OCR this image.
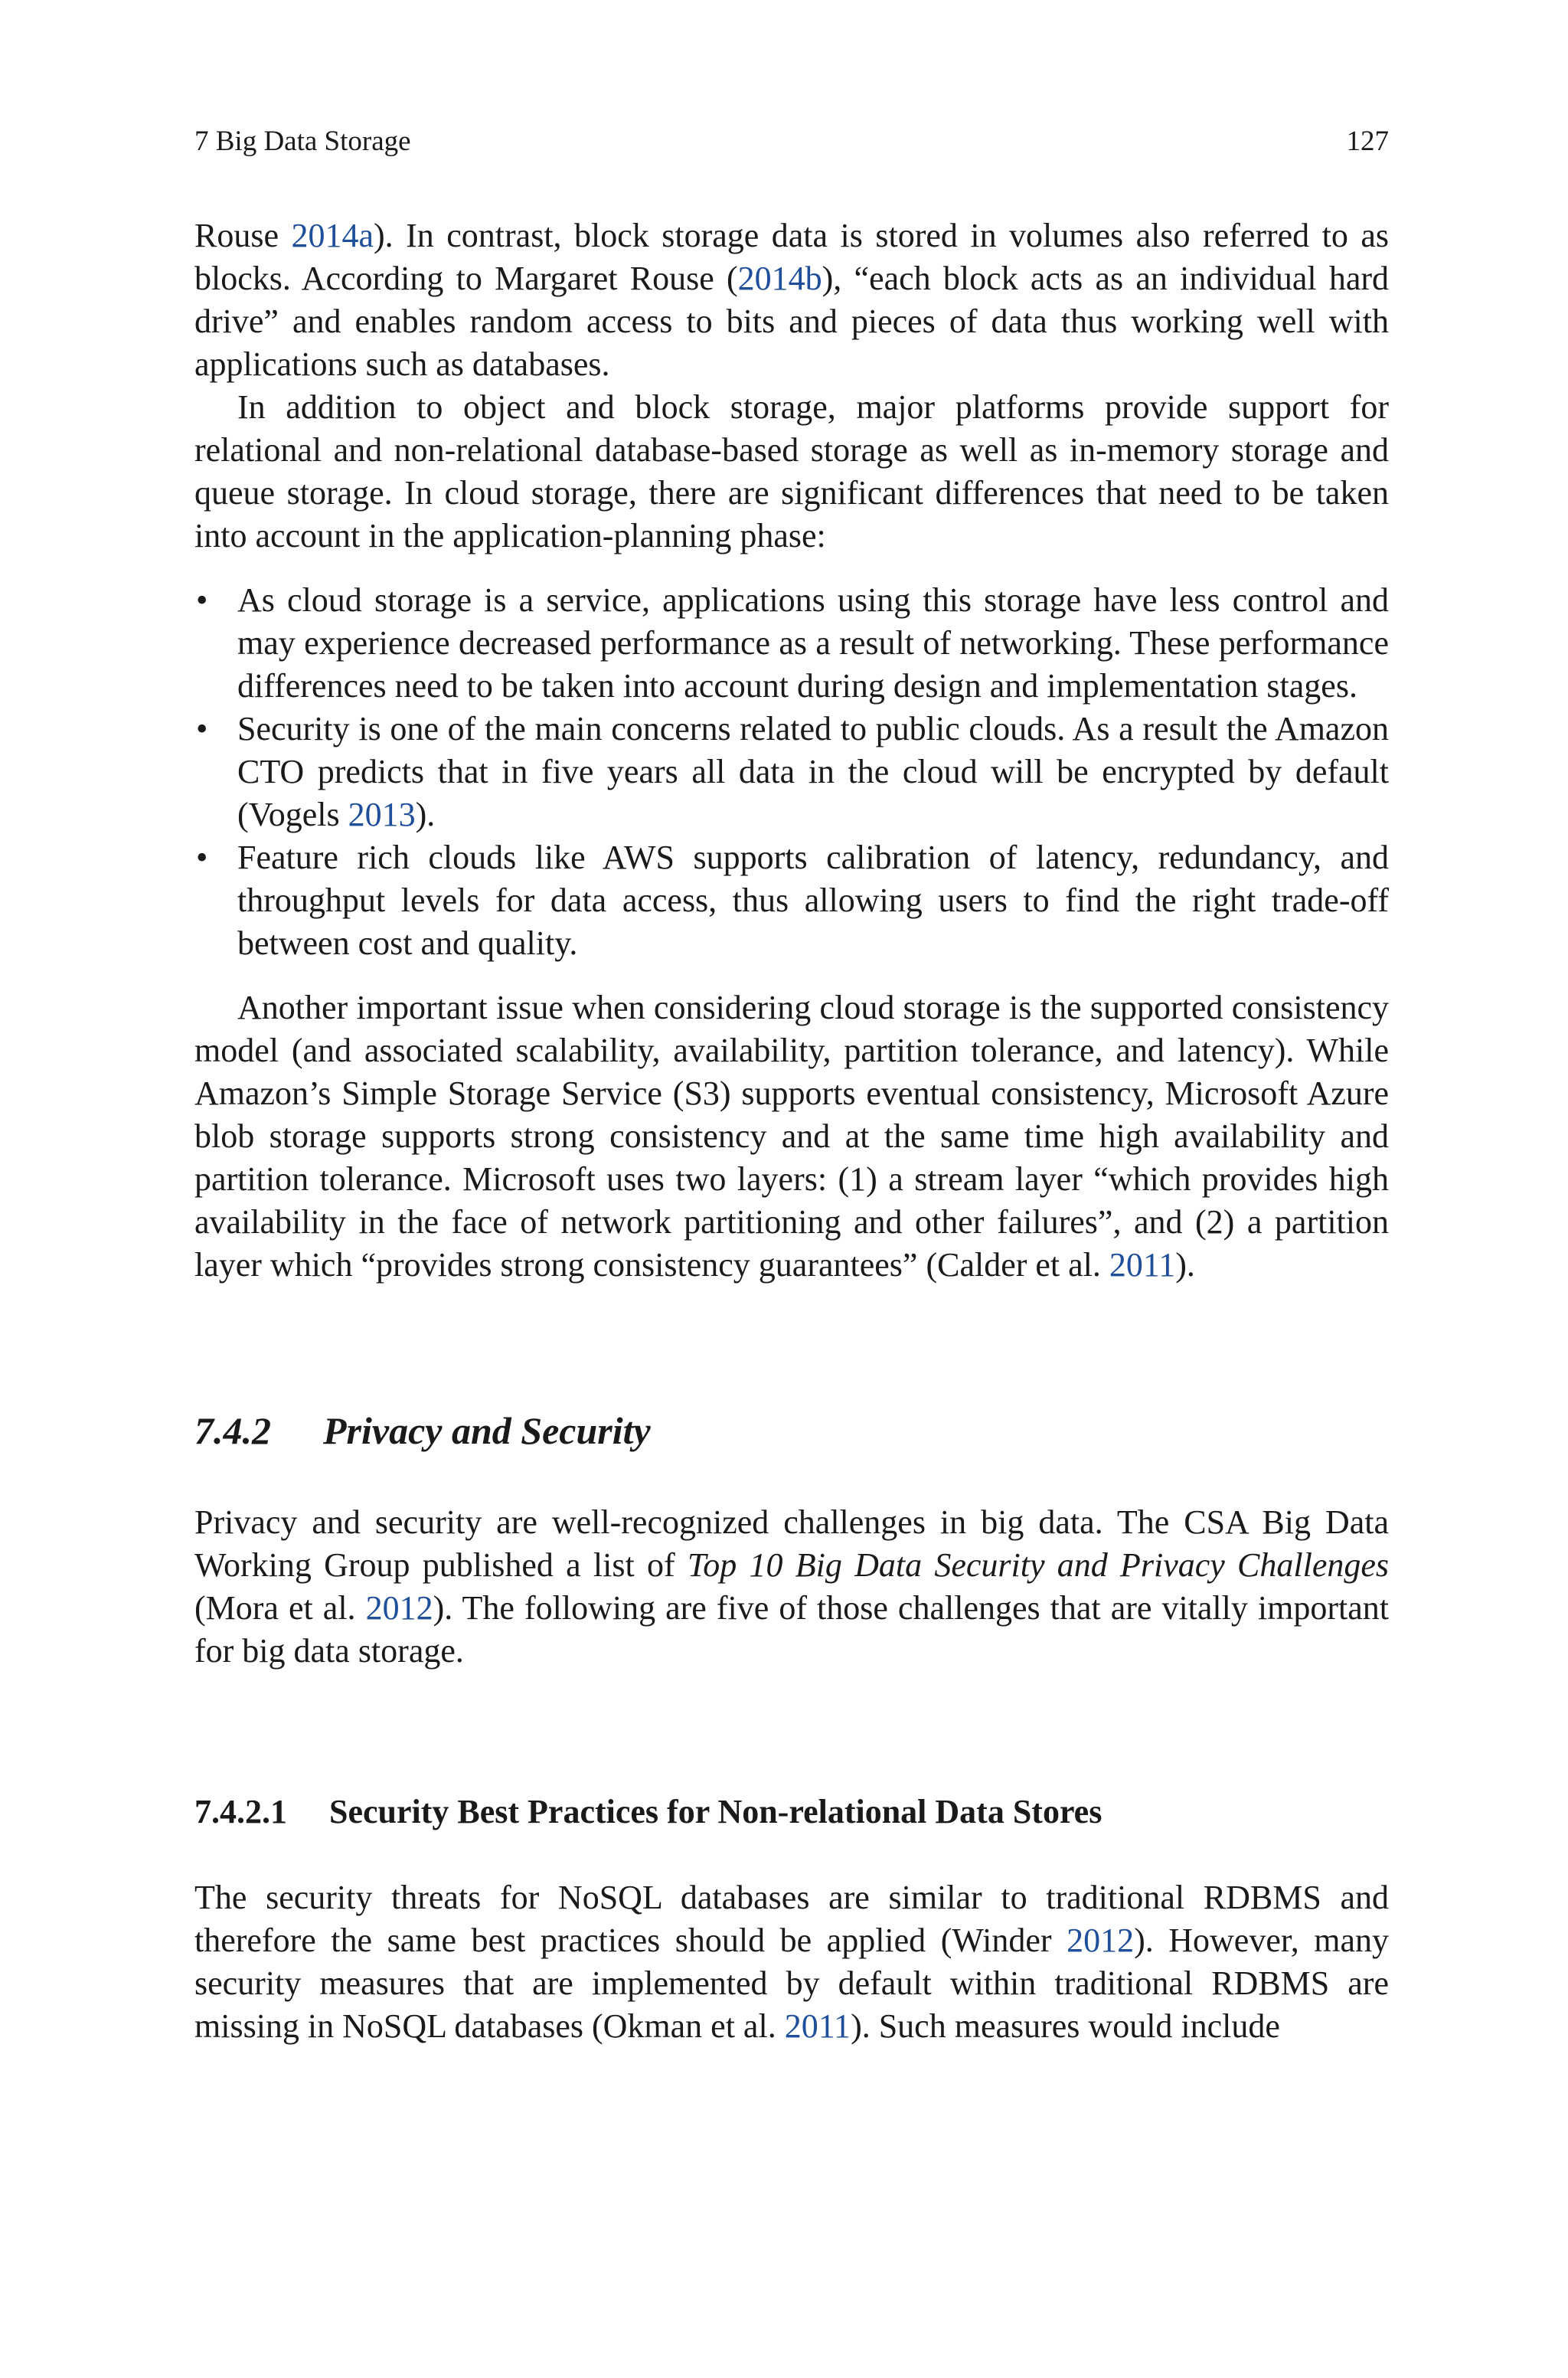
7 Big Data Storage	127

Rouse 2014a). In contrast, block storage data is stored in volumes also referred to as blocks. According to Margaret Rouse (2014b), “each block acts as an individual hard drive” and enables random access to bits and pieces of data thus working well with applications such as databases.

In addition to object and block storage, major platforms provide support for relational and non-relational database-based storage as well as in-memory storage and queue storage. In cloud storage, there are significant differences that need to be taken into account in the application-planning phase:

• As cloud storage is a service, applications using this storage have less control and may experience decreased performance as a result of networking. These performance differences need to be taken into account during design and implementation stages.
• Security is one of the main concerns related to public clouds. As a result the Amazon CTO predicts that in five years all data in the cloud will be encrypted by default (Vogels 2013).
• Feature rich clouds like AWS supports calibration of latency, redundancy, and throughput levels for data access, thus allowing users to find the right trade-off between cost and quality.

Another important issue when considering cloud storage is the supported consistency model (and associated scalability, availability, partition tolerance, and latency). While Amazon’s Simple Storage Service (S3) supports eventual consistency, Microsoft Azure blob storage supports strong consistency and at the same time high availability and partition tolerance. Microsoft uses two layers: (1) a stream layer “which provides high availability in the face of network partitioning and other failures”, and (2) a partition layer which “provides strong consistency guarantees” (Calder et al. 2011).

7.4.2 Privacy and Security

Privacy and security are well-recognized challenges in big data. The CSA Big Data Working Group published a list of Top 10 Big Data Security and Privacy Challenges (Mora et al. 2012). The following are five of those challenges that are vitally important for big data storage.

7.4.2.1 Security Best Practices for Non-relational Data Stores

The security threats for NoSQL databases are similar to traditional RDBMS and therefore the same best practices should be applied (Winder 2012). However, many security measures that are implemented by default within traditional RDBMS are missing in NoSQL databases (Okman et al. 2011). Such measures would include
